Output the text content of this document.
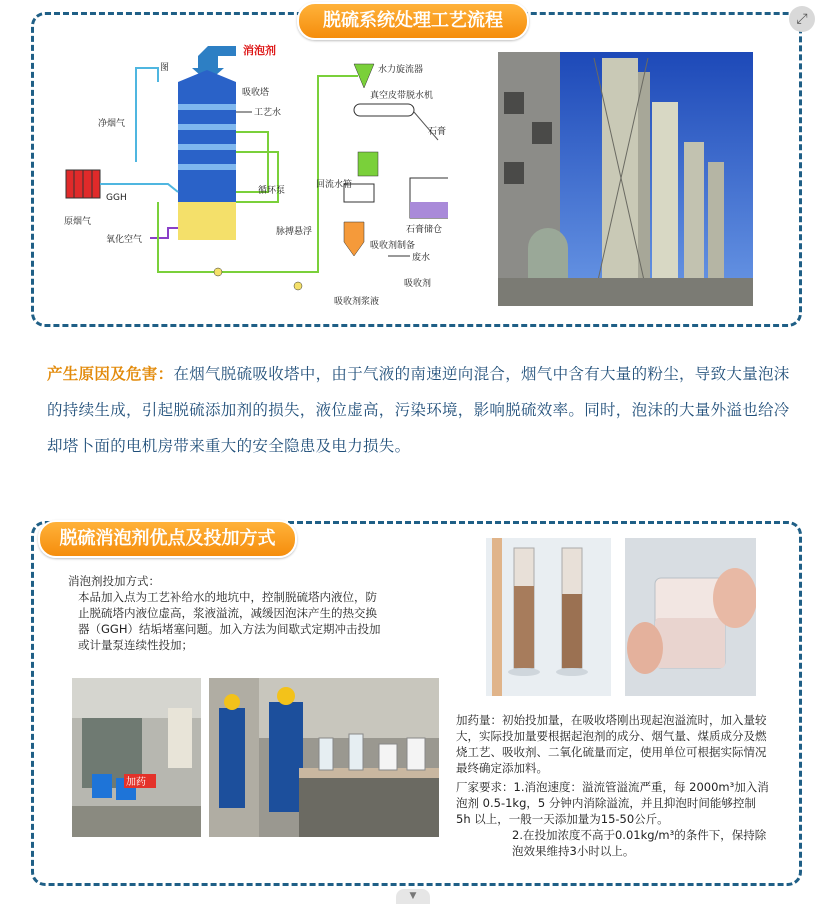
脱硫系统处理工艺流程	⤢
消泡剂
图
吸收塔
工艺水
净烟气
GGH
原烟气
循环泵
氧化空气
脉搏悬浮
水力旋流器
真空皮带脱水机
石膏
回流水箱
石膏储仓
吸收剂制备
废水
吸收剂
吸收剂浆液

产生原因及危害：在烟气脱硫吸收塔中，由于气液的南速逆向混合，烟气中含有大量的粉尘，导致大量泡沫的持续生成，引起脱硫添加剂的损失，液位虚高，污染环境，影响脱硫效率。同时，泡沫的大量外溢也给冷却塔卜面的电机房带来重大的安全隐患及电力损失。

脱硫消泡剂优点及投加方式
消泡剂投加方式：
本品加入点为工艺补给水的地坑中，控制脱硫塔内液位，防止脱硫塔内液位虚高，浆液溢流，减缓因泡沫产生的热交换器（GGH）结垢堵塞问题。加入方法为间歇式定期冲击投加或计量泵连续性投加；
加药
加药量：初始投加量，在吸收塔刚出现起泡溢流时，加入量较大，实际投加量要根据起泡剂的成分、烟气量、煤质成分及燃烧工艺、吸收剂、二氧化硫量而定，使用单位可根据实际情况最终确定添加料。
厂家要求：1.消泡速度：溢流管溢流严重，每 2000m³加入消泡剂 0.5-1kg，5 分钟内消除溢流，并且抑泡时间能够控制 5h 以上，一般一天添加量为15-50公斤。
2.在投加浓度不高于0.01kg/m³的条件下，保持除泡效果维持3小时以上。
▼
